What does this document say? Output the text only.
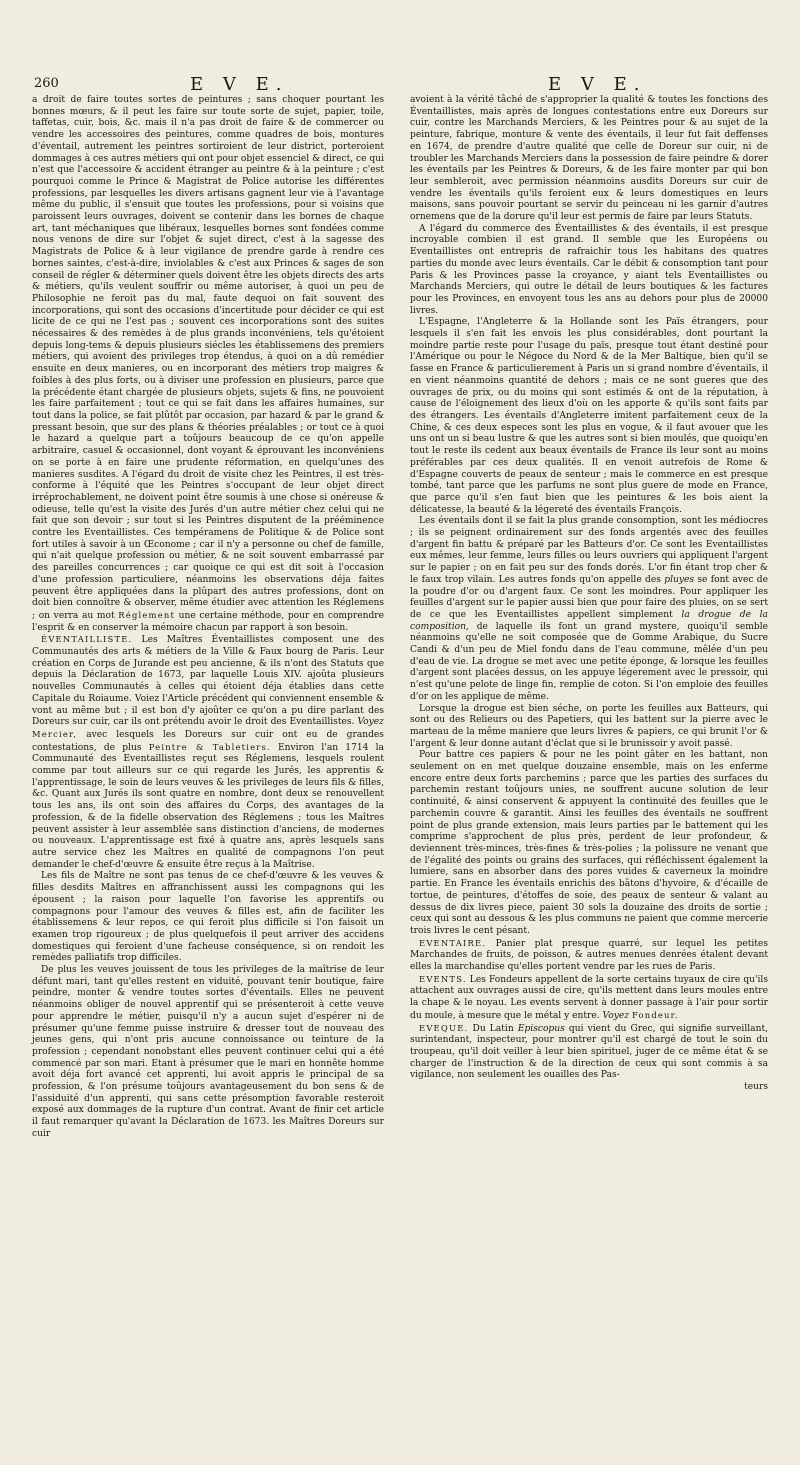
260	E V E.	E V E.

a droit de faire toutes sortes de peintures ; sans choquer pourtant les bonnes mœurs, & il peut les faire sur toute sorte de sujet, papier, toile, taffetas, cuir, bois, &c. mais il n'a pas droit de faire & de commercer ou vendre les accessoires des peintures, comme quadres de bois, montures d'éventail, autrement les peintres sortiroient de leur district, porteroient dommages à ces autres métiers qui ont pour objet essenciel & direct, ce qui n'est que l'accessoire & accident étranger au peintre & à la peinture ; c'est pourquoi comme le Prince & Magistrat de Police autorise les différentes professions, par lesquelles les divers artisans gagnent leur vie à l'avantage même du public, il s'ensuit que toutes les professions, pour si voisins que paroissent leurs ouvrages, doivent se contenir dans les bornes de chaque art, tant méchaniques que libéraux, lesquelles bornes sont fondées comme nous venons de dire sur l'objet & sujet direct, c'est à la sagesse des Magistrats de Police & à leur vigilance de prendre garde à rendre ces bornes saintes, c'est-à-dire, inviolables & c'est aux Princes & sages de son conseil de régler & déterminer quels doivent être les objets directs des arts & métiers, qu'ils veulent souffrir ou même autoriser, à quoi un peu de Philosophie ne feroit pas du mal, faute dequoi on fait souvent des incorporations, qui sont des occasions d'incertitude pour décider ce qui est licite de ce qui ne l'est pas ; souvent ces incorporations sont des suites nécessaires & des remèdes à de plus grands inconvéniens, tels qu'étoient depuis long-tems & depuis plusieurs siécles les établissemens des premiers métiers, qui avoient des privileges trop étendus, à quoi on a dû remédier ensuite en deux manieres, ou en incorporant des métiers trop maigres & foibles à des plus forts, ou à diviser une profession en plusieurs, parce que la précédente étant chargée de plusieurs objets, sujets & fins, ne pouvoient les faire parfaitement ; tout ce qui se fait dans les affaires humaines, sur tout dans la police, se fait plûtôt par occasion, par hazard & par le grand & pressant besoin, que sur des plans & théories préalables ; or tout ce à quoi le hazard a quelque part a toûjours beaucoup de ce qu'on appelle arbitraire, casuel & occasionnel, dont voyant & éprouvant les inconvéniens on se porte à en faire une prudente réformation, en quelqu'unes des manieres susdites. A l'égard du droit de visite chez les Peintres, il est très-conforme à l'équité que les Peintres s'occupant de leur objet direct irréprochablement, ne doivent point être soumis à une chose si onéreuse & odieuse, telle qu'est la visite des Jurés d'un autre métier chez celui qui ne fait que son devoir ; sur tout si les Peintres disputent de la prééminence contre les Eventaillistes. Ces tempéramens de Politique & de Police sont fort utiles à savoir à un Œconome ; car il n'y a personne ou chef de famille, qui n'ait quelque profession ou métier, & ne soit souvent embarrassé par des pareilles concurrences ; car quoique ce qui est dit soit à l'occasion d'une profession particuliere, néanmoins les observations déja faites peuvent être appliquées dans la plûpart des autres professions, dont on doit bien connoître & observer, même étudier avec attention les Réglemens ; on verra au mot Réglement une certaine méthode, pour en comprendre l'esprit & en conserver la mémoire chacun par rapport à son besoin.

ÉVENTAILLISTE. Les Maîtres Éventaillistes composent une des Communautés des arts & métiers de la Ville & Faux bourg de Paris. Leur création en Corps de Jurande est peu ancienne, & ils n'ont des Statuts que depuis la Déclaration de 1673, par laquelle Louis XIV. ajoûta plusieurs nouvelles Communautés à celles qui étoient déja établies dans cette Capitale du Roiaume. Voiez l'Article précédent qui conviennent ensemble & vont au même but ; il est bon d'y ajoûter ce qu'on a pu dire parlant des Doreurs sur cuir, car ils ont prétendu avoir le droit des Eventaillistes. Voyez Mercier, avec lesquels les Doreurs sur cuir ont eu de grandes contestations, de plus Peintre & Tabletiers. Environ l'an 1714 la Communauté des Eventaillistes reçut ses Réglemens, lesquels roulent comme par tout ailleurs sur ce qui regarde les Jurés, les apprentis & l'apprentissage, le soin de leurs veuves & les privileges de leurs fils & filles, &c. Quant aux Jurés ils sont quatre en nombre, dont deux se renouvellent tous les ans, ils ont soin des affaires du Corps, des avantages de la profession, & de la fidelle observation des Réglemens ; tous les Maîtres peuvent assister à leur assemblée sans distinction d'anciens, de modernes ou nouveaux. L'apprentissage est fixé à quatre ans, après lesquels sans autre service chez les Maîtres en qualité de compagnons l'on peut demander le chef-d'œuvre & ensuite être reçus à la Maîtrise.

Les fils de Maître ne sont pas tenus de ce chef-d'œuvre & les veuves & filles desdits Maîtres en affranchissent aussi les compagnons qui les épousent ; la raison pour laquelle l'on favorise les apprentifs ou compagnons pour l'amour des veuves & filles est, afin de faciliter les établissemens & leur repos, ce qui feroit plus difficile si l'on faisoit un examen trop rigoureux ; de plus quelquefois il peut arriver des accidens domestiques qui feroient d'une facheuse conséquence, si on rendoit les remèdes palliatifs trop difficiles.

De plus les veuves jouissent de tous les privileges de la maîtrise de leur défunt mari, tant qu'elles restent en viduité, pouvant tenir boutique, faire peindre, monter & vendre toutes sortes d'éventails. Elles ne peuvent néanmoins obliger de nouvel apprentif qui se présenteroit à cette veuve pour apprendre le métier, puisqu'il n'y a aucun sujet d'espérer ni de présumer qu'une femme puisse instruire & dresser tout de nouveau des jeunes gens, qui n'ont pris aucune connoissance ou teinture de la profession ; cependant nonobstant elles peuvent continuer celui qui a été commencé par son mari. Etant à présumer que le mari en honnête homme avoit déja fort avancé cet apprenti, lui avoit appris le principal de sa profession, & l'on présume toûjours avantageusement du bon sens & de l'assiduité d'un apprenti, qui sans cette présomption favorable resteroit exposé aux dommages de la rupture d'un contrat. Avant de finir cet article il faut remarquer qu'avant la Déclaration de 1673. les Maîtres Doreurs sur cuir

avoient à la vérité tâché de s'approprier la qualité & toutes les fonctions des Éventaillistes, mais après de longues contestations entre eux Doreurs sur cuir, contre les Marchands Merciers, & les Peintres pour & au sujet de la peinture, fabrique, monture & vente des éventails, il leur fut fait deffenses en 1674, de prendre d'autre qualité que celle de Doreur sur cuir, ni de troubler les Marchands Merciers dans la possession de faire peindre & dorer les éventails par les Peintres & Doreurs, & de les faire monter par qui bon leur sembleroit, avec permission néanmoins ausdits Doreurs sur cuir de vendre les éventails qu'ils feroient eux & leurs domestiques en leurs maisons, sans pouvoir pourtant se servir du peinceau ni les garnir d'autres ornemens que de la dorure qu'il leur est permis de faire par leurs Statuts.

A l'égard du commerce des Éventaillistes & des éventails, il est presque incroyable combien il est grand. Il semble que les Européens ou Eventaillistes ont entrepris de rafraichir tous les habitans des quatres parties du monde avec leurs éventails. Car le débit & consomption tant pour Paris & les Provinces passe la croyance, y aiant tels Eventaillistes ou Marchands Merciers, qui outre le détail de leurs boutiques & les factures pour les Provinces, en envoyent tous les ans au dehors pour plus de 20000 livres.

L'Espagne, l'Angleterre & la Hollande sont les Païs étrangers, pour lesquels il s'en fait les envois les plus considérables, dont pourtant la moindre partie reste pour l'usage du païs, presque tout étant destiné pour l'Amérique ou pour le Négoce du Nord & de la Mer Baltique, bien qu'il se fasse en France & particulierement à Paris un si grand nombre d'éventails, il en vient néanmoins quantité de dehors ; mais ce ne sont gueres que des ouvrages de prix, ou du moins qui sont estimés & ont de la réputation, à cause de l'éloignement des lieux d'où on les apporte & qu'ils sont faits par des étrangers. Les éventails d'Angleterre imitent parfaitement ceux de la Chine, & ces deux especes sont les plus en vogue, & il faut avouer que les uns ont un si beau lustre & que les autres sont si bien moulés, que quoiqu'en tout le reste ils cedent aux beaux éventails de France ils leur sont au moins préférables par ces deux qualités. Il en venoit autrefois de Rome & d'Espagne couverts de peaux de senteur ; mais le commerce en est presque tombé, tant parce que les parfums ne sont plus guere de mode en France, que parce qu'il s'en faut bien que les peintures & les bois aient la délicatesse, la beauté & la légereté des éventails François.

Les éventails dont il se fait la plus grande consomption, sont les médiocres ; ils se peignent ordinairement sur des fonds argentés avec des feuilles d'argent fin battu & préparé par les Batteurs d'or. Ce sont les Eventaillistes eux mêmes, leur femme, leurs filles ou leurs ouvriers qui appliquent l'argent sur le papier ; on en fait peu sur des fonds dorés. L'or fin étant trop cher & le faux trop vilain. Les autres fonds qu'on appelle des pluyes se font avec de la poudre d'or ou d'argent faux. Ce sont les moindres. Pour appliquer les feuilles d'argent sur le papier aussi bien que pour faire des pluies, on se sert de ce que les Eventaillistes appellent simplement la drogue de la composition, de laquelle ils font un grand mystere, quoiqu'il semble néanmoins qu'elle ne soit composée que de Gomme Arabique, du Sucre Candi & d'un peu de Miel fondu dans de l'eau commune, mêlée d'un peu d'eau de vie. La drogue se met avec une petite éponge, & lorsque les feuilles d'argent sont placées dessus, on les appuye légerement avec le pressoir, qui n'est qu'une pelote de linge fin, remplie de coton. Si l'on emploie des feuilles d'or on les applique de même.

Lorsque la drogue est bien séche, on porte les feuilles aux Batteurs, qui sont ou des Relieurs ou des Papetiers, qui les battent sur la pierre avec le marteau de la même maniere que leurs livres & papiers, ce qui brunit l'or & l'argent & leur donne autant d'éclat que si le brunissoir y avoit passé.

Pour battre ces papiers & pour ne les point gâter en les battant, non seulement on en met quelque douzaine ensemble, mais on les enferme encore entre deux forts parchemins ; parce que les parties des surfaces du parchemin restant toûjours unies, ne souffrent aucune solution de leur continuité, & ainsi conservent & appuyent la continuité des feuilles que le parchemin couvre & garantit. Ainsi les feuilles des éventails ne souffrent point de plus grande extension, mais leurs parties par le battement qui les comprime s'approchent de plus près, perdent de leur profondeur, & deviennent très-minces, très-fines & très-polies ; la polissure ne venant que de l'égalité des points ou grains des surfaces, qui réfléchissent également la lumiere, sans en absorber dans des pores vuides & caverneux la moindre partie. En France les éventails enrichis des bâtons d'hyvoire, & d'écaille de tortue, de peintures, d'étoffes de soie, des peaux de senteur & valant au dessus de dix livres piece, paient 30 sols la douzaine des droits de sortie ; ceux qui sont au dessous & les plus communs ne paient que comme mercerie trois livres le cent pésant.

EVENTAIRE. Panier plat presque quarré, sur lequel les petites Marchandes de fruits, de poisson, & autres menues denrées étalent devant elles la marchandise qu'elles portent vendre par les rues de Paris.

EVENTS. Les Fondeurs appellent de la sorte certains tuyaux de cire qu'ils attachent aux ouvrages aussi de cire, qu'ils mettent dans leurs moules entre la chape & le noyau. Les events servent à donner passage à l'air pour sortir du moule, à mesure que le métal y entre. Voyez Fondeur.

EVEQUE. Du Latin Episcopus qui vient du Grec, qui signifie surveillant, surintendant, inspecteur, pour montrer qu'il est chargé de tout le soin du troupeau, qu'il doit veiller à leur bien spirituel, juger de ce même état & se charger de l'instruction & de la direction de ceux qui sont commis à sa vigilance, non seulement les ouailles des Pas-

teurs
